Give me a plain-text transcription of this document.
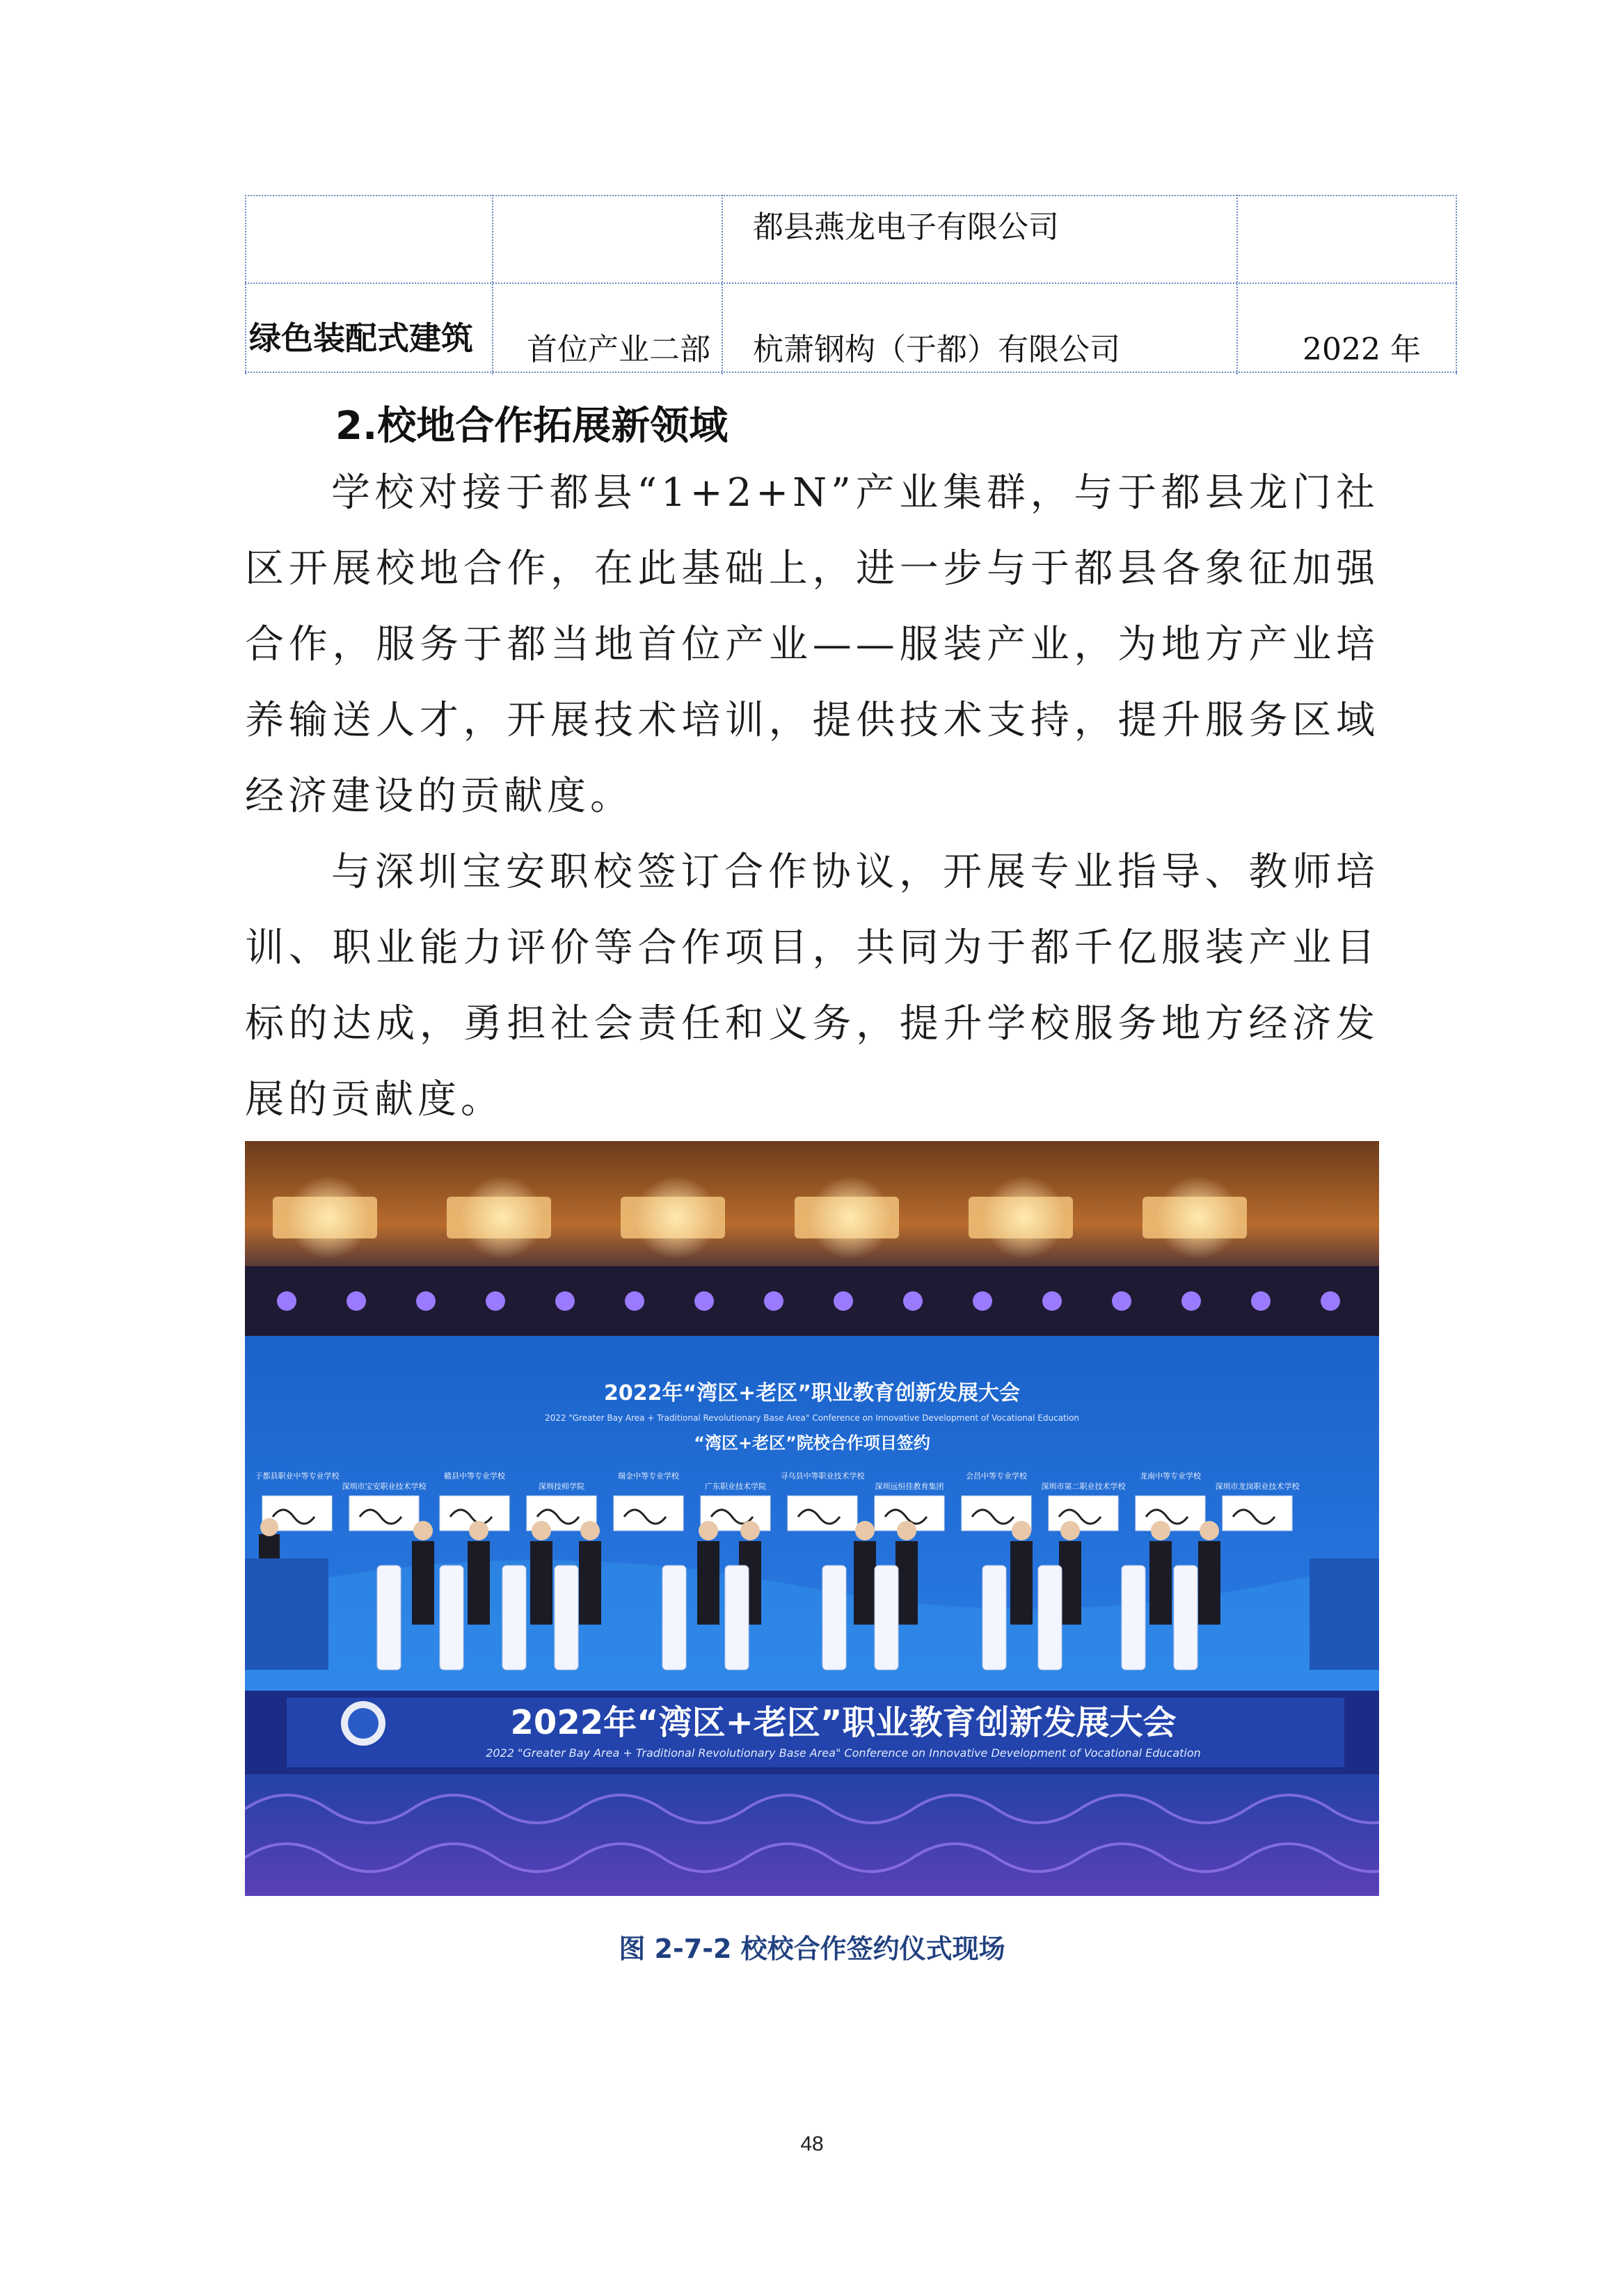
都县燕龙电子有限公司
绿色装配式建筑 首位产业二部 杭萧钢构（于都）有限公司	2022 年
2.校地合作拓展新领域
学校对接于都县“1+2+N”产业集群，与于都县龙门社区开展校地合作，在此基础上，进一步与于都县各象征加强合作，服务于都当地首位产业——服装产业，为地方产业培养输送人才，开展技术培训，提供技术支持，提升服务区域经济建设的贡献度。
与深圳宝安职校签订合作协议，开展专业指导、教师培训、职业能力评价等合作项目，共同为于都千亿服装产业目标的达成，勇担社会责任和义务，提升学校服务地方经济发展的贡献度。
2022年“湾区+老区”职业教育创新发展大会
2022 "Greater Bay Area + Traditional Revolutionary Base Area" Conference on Innovative Development of Vocational Education
“湾区+老区”院校合作项目签约
于都县职业中等专业学校
深圳市宝安职业技术学校
赣县中等专业学校
深圳技师学院
瑞金中等专业学校
广东职业技术学院
寻乌县中等职业技术学校
深圳远恒佳教育集团
会昌中等专业学校
深圳市第二职业技术学校
龙南中等专业学校
深圳市龙岗职业技术学校
2022年“湾区+老区”职业教育创新发展大会
2022 "Greater Bay Area + Traditional Revolutionary Base Area" Conference on Innovative Development of Vocational Education
图 2-7-2 校校合作签约仪式现场
48
